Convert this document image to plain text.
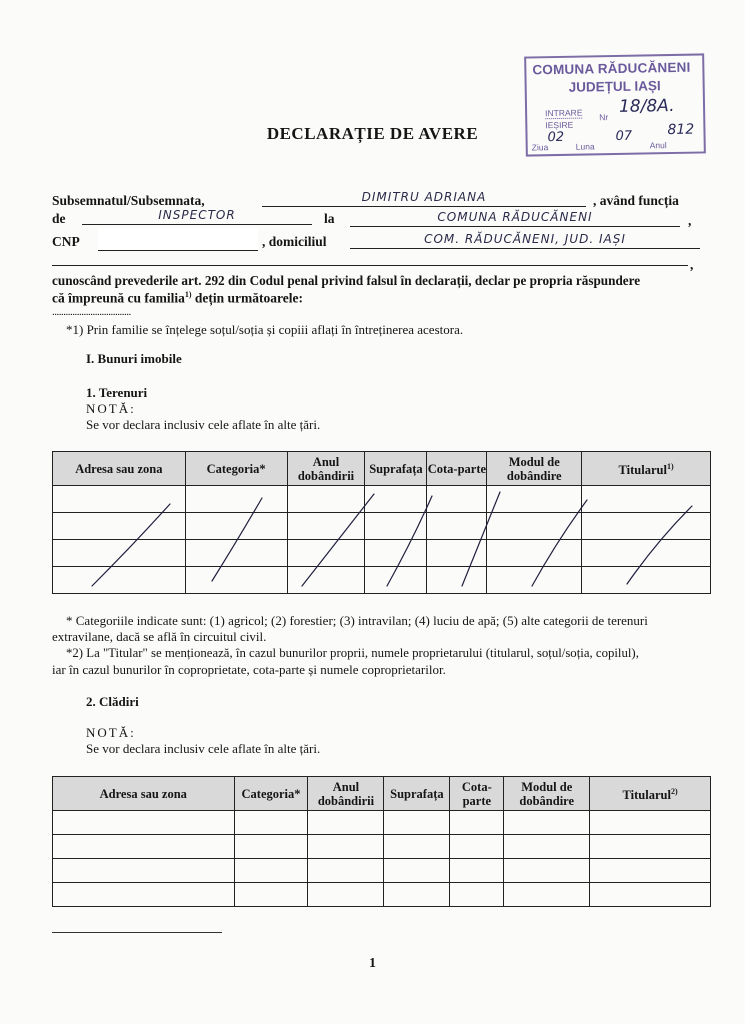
COMUNA RĂDUCĂNENI
JUDEȚUL IAȘI
INTRARE
IEȘIRE
Nr
18/8A.
02	07	812
Ziua	Luna	Anul
DECLARAȚIE DE AVERE
Subsemnatul/Subsemnata,	DIMITRU ADRIANA	, având funcția
de	INSPECTOR	la	COMUNA RĂDUCĂNENI	,
CNP	, domiciliul	COM. RĂDUCĂNENI, JUD. IAȘI
,
cunoscând prevederile art. 292 din Codul penal privind falsul în declarații, declar pe propria răspundere
că împreună cu familia$^{1)}$ dețin următoarele:
...................................
*1) Prin familie se înțelege soțul/soția și copiii aflați în întreținerea acestora.
I. Bunuri imobile
1. Terenuri
NOTĂ:
Se vor declara inclusiv cele aflate în alte țări.
Adresa sau zona	Categoria*	Anul dobândirii	Suprafața	Cota-parte	Modul de dobândire	Titularul$^{1)}$

* Categoriile indicate sunt: (1) agricol; (2) forestier; (3) intravilan; (4) luciu de apă; (5) alte categorii de terenuri
extravilane, dacă se află în circuitul civil.
*2) La "Titular" se menționează, în cazul bunurilor proprii, numele proprietarului (titularul, soțul/soția, copilul),
iar în cazul bunurilor în coproprietate, cota-parte și numele coproprietarilor.
2. Clădiri
NOTĂ:
Se vor declara inclusiv cele aflate în alte țări.
Adresa sau zona	Categoria*	Anul dobândirii	Suprafața	Cota-parte	Modul de dobândire	Titularul$^{2)}$

1
